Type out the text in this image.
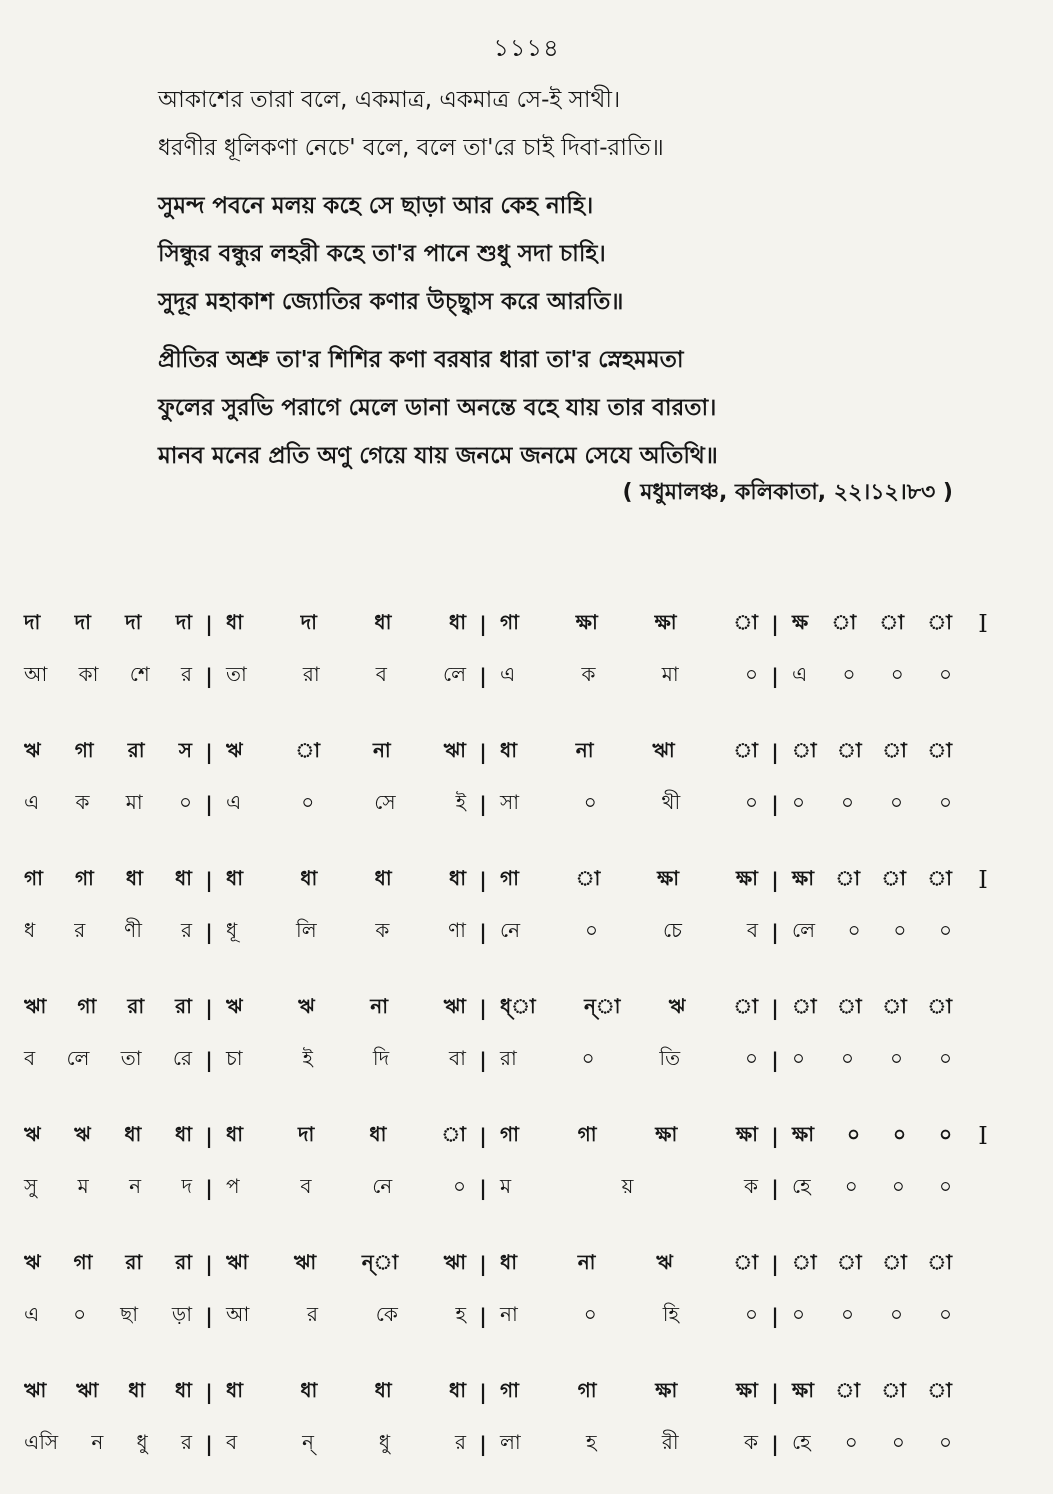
১১১৪
আকাশের তারা বলে, একমাত্র, একমাত্র সে-ই সাথী।
ধরণীর ধূলিকণা নেচে' বলে, বলে তা'রে চাই দিবা-রাতি॥
সুমন্দ পবনে মলয় কহে সে ছাড়া আর কেহ নাহি।
সিন্ধুর বন্ধুর লহরী কহে তা'র পানে শুধু সদা চাহি।
সুদূর মহাকাশ জ্যোতির কণার উচ্ছ্বাস করে আরতি॥
প্রীতির অশ্রু তা'র শিশির কণা বরষার ধারা তা'র স্নেহমমতা
ফুলের সুরভি পরাগে মেলে ডানা অনন্তে বহে যায় তার বারতা।
মানব মনের প্রতি অণু গেয়ে যায় জনমে জনমে সেযে অতিথি॥
( মধুমালঞ্চ, কলিকাতা, ২২।১২।৮৩ )
দা দা দা দা | ধা	দা	ধা	ধা | গা	ক্ষা	ক্ষা	া | ক্ষ া া া	I
আ কা শে র | তা	রা	ব	লে | এ	ক	মা	০ | এ ০ ০ ০
ঋ গা রা স | ঋ	া	না	ঋা | ধা	না	ঋা	া | া া া া
এ ক মা ০ | এ	০	সে	ই | সা	০	থী	০ | ০ ০ ০ ০
গা গা ধা ধা | ধা	ধা	ধা	ধা | গা	া	ক্ষা	ক্ষা | ক্ষা া া া	I
ধ র ণী র | ধূ	লি	ক	ণা | নে	০	চে	ব | লে ০ ০ ০
ঋা গা রা রা | ঋ	ঋ	না	ঋা | ধ্া ন্া ঋ া | া া া া
ব লে তা রে | চা	ই	দি	বা | রা	০	তি	০ | ০ ০ ০ ০
ঋ ঋ ধা ধা | ধা	দা	ধা	া | গা	গা	ক্ষা	ক্ষা | ক্ষা ০ ০ ০	I
সু ম ন দ | প	ব	নে	০ | ম	য়	ক | হে ০ ০ ০
ঋ গা রা রা | ঋা ঋা ন্া ঋা | ধা	না	ঋ	া | া া া া
এ ০ ছা ড়া | আ	র	কে	হ | না	০	হি	০ | ০ ০ ০ ০
ঋা ঋা ধা ধা | ধা	ধা	ধা	ধা | গা	গা	ক্ষা	ক্ষা | ক্ষা া া া
এসি ন ধু র | ব	ন্	ধু	র | লা	হ	রী	ক | হে ০ ০ ০
